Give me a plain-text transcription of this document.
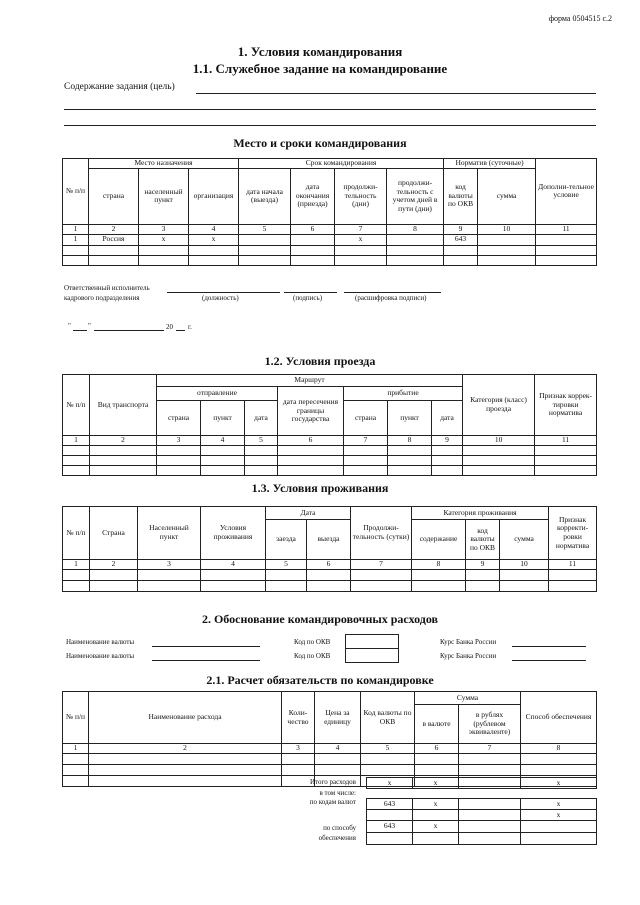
форма 0504515 с.2
1. Условия командирования
1.1. Служебное задание на командирование
Содержание задания (цель)
Место и сроки командирования
№ п/п	Место назначения			Срок командирования				Норматив (суточные)		Дополни-тельное условие
	страна	населенный пункт	организация	дата начала (выезда)	дата окончания (приезда)	продолжи-тельность (дни)	продолжи-тельность с учетом дней в пути (дни)	код валюты по ОКВ	сумма	
1	2	3	4	5	6	7	8	9	10	11
1	Россия	x	x			x		643		

Ответственный исполнитель
кадрового подразделения	(должность)	(подпись)	(расшифровка подписи)
" "	20 г.
1.2. Условия проезда
№ п/п	Вид транспорта	Маршрут							Категория (класс) проезда	Признак коррек-тировки норматива
		отправление			дата пересечения границы государства	прибытие				
		страна	пункт	дата		страна	пункт	дата		
1	2	3	4	5	6	7	8	9	10	11

1.3. Условия проживания
№ п/п	Страна	Населенный пункт	Условия проживания	Дата		Продолжи-тельность (сутки)	Категория проживания			Признак корректи-ровки норматива
				заезда	выезда		содержание	код валюты по ОКВ	сумма	
1	2	3	4	5	6	7	8	9	10	11

2. Обоснование командировочных расходов
Наименование валюты
Наименование валюты
Код по ОКВ
Код по ОКВ
Курс Банка России
Курс Банка России
2.1. Расчет обязательств по командировке
№ п/п	Наименование расхода	Коли-чество	Цена за единицу	Код валюты по ОКВ	Сумма		Способ обеспечения
					в валюте	в рублях (рублевом эквиваленте)	
1	2	3	4	5	6	7	8

Итого расходов
в том числе:
по кодам валют
по способу
обеспечения
x	x		x

643	x		x
			x
643	x		
